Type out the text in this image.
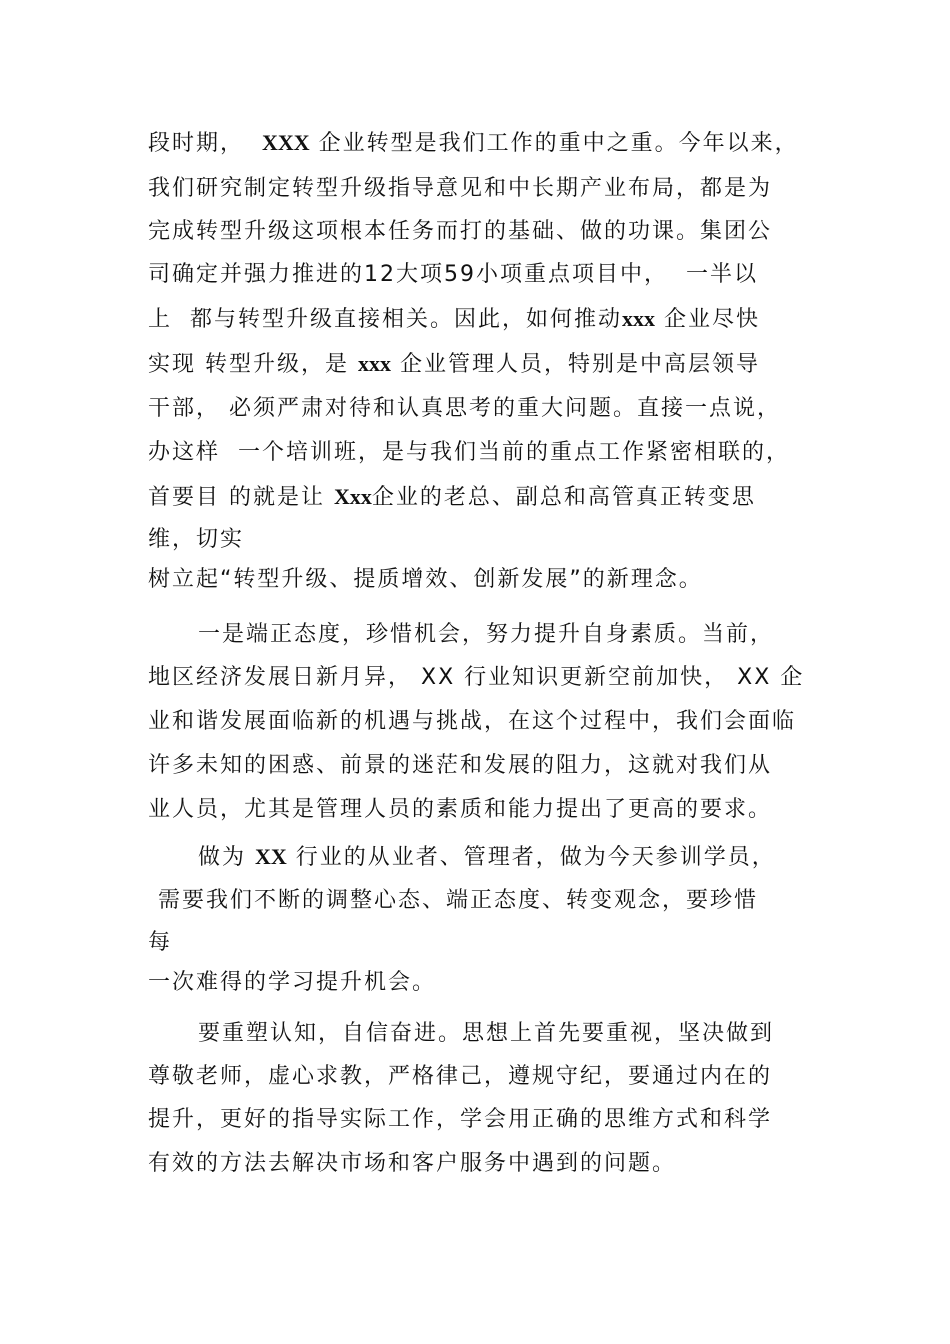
段时期，  XXX 企业转型是我们工作的重中之重。今年以来，
我们研究制定转型升级指导意见和中长期产业布局，都是为
完成转型升级这项根本任务而打的基础、做的功课。集团公
司确定并强力推进的12大项59小项重点项目中，  一半以
上  都与转型升级直接相关。因此，如何推动xxx 企业尽快
实现 转型升级，是 xxx 企业管理人员，特别是中高层领导
干部， 必须严肃对待和认真思考的重大问题。直接一点说，
办这样  一个培训班，是与我们当前的重点工作紧密相联的，
首要目 的就是让 Xxx企业的老总、副总和高管真正转变思
维，切实
树立起“转型升级、提质增效、创新发展”的新理念。
一是端正态度，珍惜机会，努力提升自身素质。当前，
地区经济发展日新月异， XX 行业知识更新空前加快， XX 企
业和谐发展面临新的机遇与挑战，在这个过程中，我们会面临
许多未知的困惑、前景的迷茫和发展的阻力，这就对我们从
业人员，尤其是管理人员的素质和能力提出了更高的要求。
做为 XX 行业的从业者、管理者，做为今天参训学员，
需要我们不断的调整心态、端正态度、转变观念，要珍惜
每
一次难得的学习提升机会。
要重塑认知，自信奋进。思想上首先要重视，坚决做到
尊敬老师，虚心求教，严格律己，遵规守纪，要通过内在的
提升，更好的指导实际工作，学会用正确的思维方式和科学
有效的方法去解决市场和客户服务中遇到的问题。
